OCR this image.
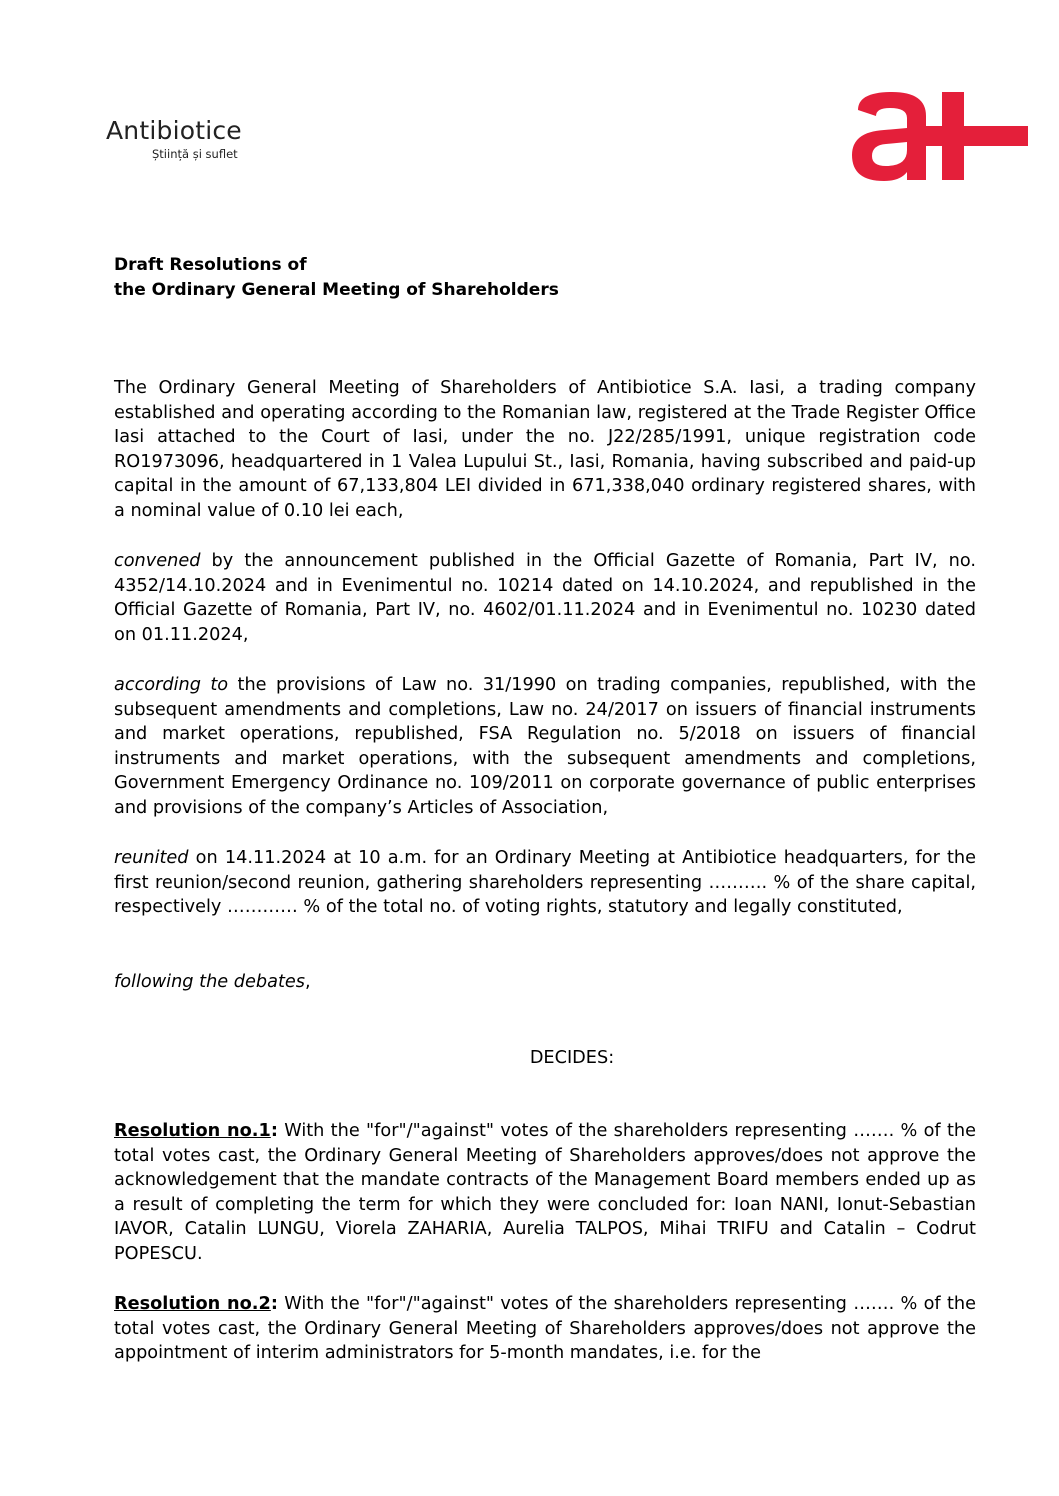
Antibiotice
Știință și suflet
Draft Resolutions of
the Ordinary General Meeting of Shareholders

The Ordinary General Meeting of Shareholders of Antibiotice S.A. Iasi, a trading company established and operating according to the Romanian law, registered at the Trade Register Office Iasi attached to the Court of Iasi, under the no. J22/285/1991, unique registration code RO1973096, headquartered in 1 Valea Lupului St., Iasi, Romania, having subscribed and paid-up capital in the amount of 67,133,804 LEI divided in 671,338,040 ordinary registered shares, with a nominal value of 0.10 lei each,

convened by the announcement published in the Official Gazette of Romania, Part IV, no. 4352/14.10.2024 and in Evenimentul no. 10214 dated on 14.10.2024, and republished in the Official Gazette of Romania, Part IV, no. 4602/01.11.2024 and in Evenimentul no. 10230 dated on 01.11.2024,

according to the provisions of Law no. 31/1990 on trading companies, republished, with the subsequent amendments and completions, Law no. 24/2017 on issuers of financial instruments and market operations, republished, FSA Regulation no. 5/2018 on issuers of financial instruments and market operations, with the subsequent amendments and completions, Government Emergency Ordinance no. 109/2011 on corporate governance of public enterprises and provisions of the company’s Articles of Association,

reunited on 14.11.2024 at 10 a.m. for an Ordinary Meeting at Antibiotice headquarters, for the first reunion/second reunion, gathering shareholders representing ………. % of the share capital, respectively ………… % of the total no. of voting rights, statutory and legally constituted,

following the debates,

DECIDES:

Resolution no.1: With the "for"/"against" votes of the shareholders representing ……. % of the total votes cast, the Ordinary General Meeting of Shareholders approves/does not approve the acknowledgement that the mandate contracts of the Management Board members ended up as a result of completing the term for which they were concluded for: Ioan NANI, Ionut-Sebastian IAVOR, Catalin LUNGU, Viorela ZAHARIA, Aurelia TALPOS, Mihai TRIFU and Catalin – Codrut POPESCU.

Resolution no.2: With the "for"/"against" votes of the shareholders representing ……. % of the total votes cast, the Ordinary General Meeting of Shareholders approves/does not approve the appointment of interim administrators for 5-month mandates, i.e. for the
